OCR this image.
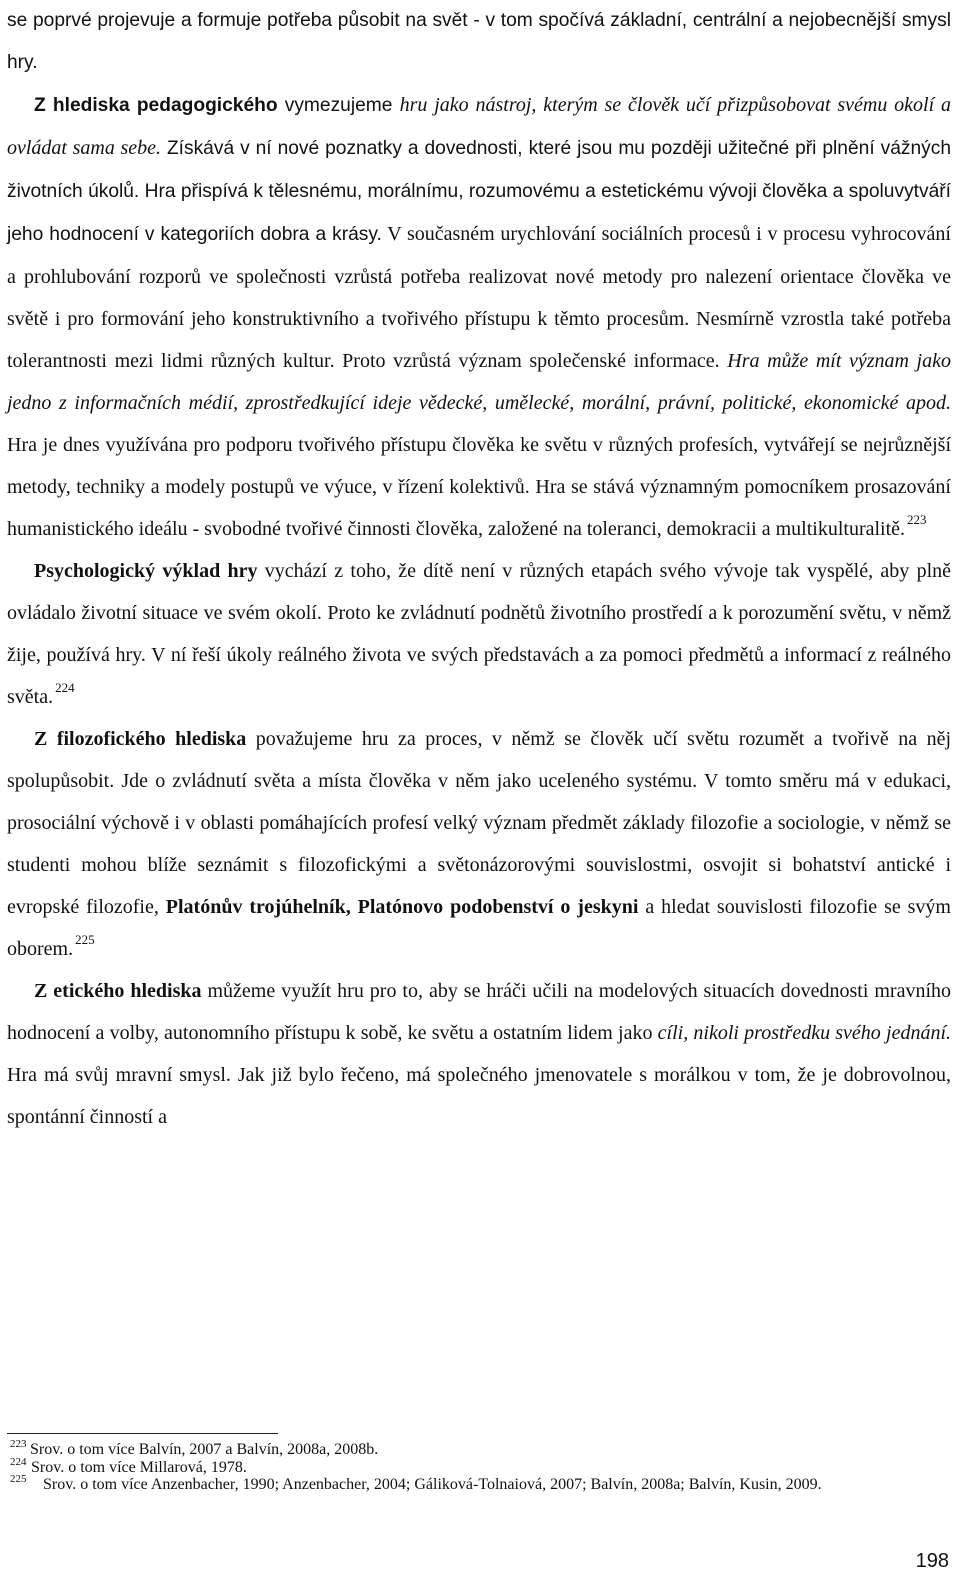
se poprvé projevuje a formuje potřeba působit na svět - v tom spočívá základní, centrální a nejobecnější smysl hry.

Z hlediska pedagogického vymezujeme hru jako nástroj, kterým se člověk učí přizpůsobovat svému okolí a ovládat sama sebe. Získává v ní nové poznatky a dovednosti, které jsou mu později užitečné při plnění vážných životních úkolů. Hra přispívá k tělesnému, morálnímu, rozumovému a estetickému vývoji člověka a spoluvytváří jeho hodnocení v kategoriích dobra a krásy. V současném urychlování sociálních procesů i v procesu vyhrocování a prohlubování rozporů ve společnosti vzrůstá potřeba realizovat nové metody pro nalezení orientace člověka ve světě i pro formování jeho konstruktivního a tvořivého přístupu k těmto procesům. Nesmírně vzrostla také potřeba tolerantnosti mezi lidmi různých kultur. Proto vzrůstá význam společenské informace. Hra může mít význam jako jedno z informačních médií, zprostředkující ideje vědecké, umělecké, morální, právní, politické, ekonomické apod. Hra je dnes využívána pro podporu tvořivého přístupu člověka ke světu v různých profesích, vytvářejí se nejrůznější metody, techniky a modely postupů ve výuce, v řízení kolektivů. Hra se stává významným pomocníkem prosazování humanistického ideálu - svobodné tvořivé činnosti člověka, založené na toleranci, demokracii a multikulturalitě. $^{223}$

Psychologický výklad hry vychází z toho, že dítě není v různých etapách svého vývoje tak vyspělé, aby plně ovládalo životní situace ve svém okolí. Proto ke zvládnutí podnětů životního prostředí a k porozumění světu, v němž žije, používá hry. V ní řeší úkoly reálného života ve svých představách a za pomoci předmětů a informací z reálného světa. $^{224}$

Z filozofického hlediska považujeme hru za proces, v němž se člověk učí světu rozumět a tvořivě na něj spolupůsobit. Jde o zvládnutí světa a místa člověka v něm jako uceleného systému. V tomto směru má v edukaci, prosociální výchově i v oblasti pomáhajících profesí velký význam předmět základy filozofie a sociologie, v němž se studenti mohou blíže seznámit s filozofickými a světonázorovými souvislostmi, osvojit si bohatství antické i evropské filozofie, Platónův trojúhelník, Platónovo podobenství o jeskyni a hledat souvislosti filozofie se svým oborem. $^{225}$

Z etického hlediska můžeme využít hru pro to, aby se hráči učili na modelových situacích dovednosti mravního hodnocení a volby, autonomního přístupu k sobě, ke světu a ostatním lidem jako cíli, nikoli prostředku svého jednání. Hra má svůj mravní smysl. Jak již bylo řečeno, má společného jmenovatele s morálkou v tom, že je dobrovolnou, spontánní činností a

223 Srov. o tom více Balvín, 2007 a Balvín, 2008a, 2008b.

224 Srov. o tom více Millarová, 1978.

225	Srov. o tom více Anzenbacher, 1990; Anzenbacher, 2004; Gáliková-Tolnaiová, 2007; Balvín, 2008a; Balvín, Kusin, 2009.

198
